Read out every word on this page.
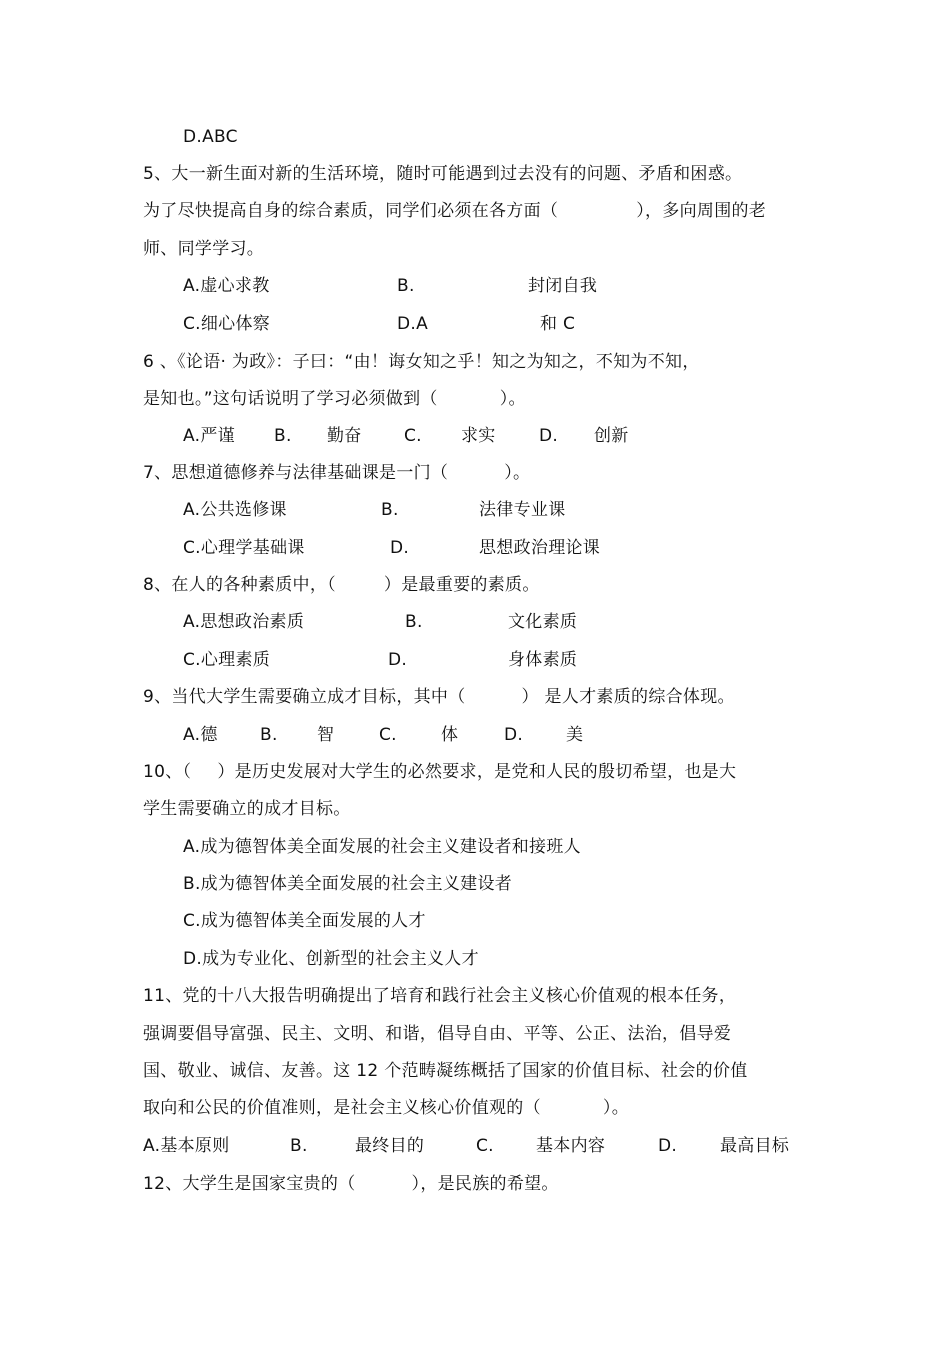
D.ABC
5、大一新生面对新的生活环境，随时可能遇到过去没有的问题、矛盾和困惑。
为了尽快提高自身的综合素质，同学们必须在各方面（	），多向周围的老
师、同学学习。
A.虚心求教	B.	封闭自我
C.细心体察	D.A	和 C
6 、《论语· 为政》：子曰：“由！诲女知之乎！知之为知之，不知为不知，
是知也。”这句话说明了学习必须做到（	）。
A.严谨 B. 勤奋 C. 求实	D. 创新
7、思想道德修养与法律基础课是一门（	）。
A.公共选修课	B.	法律专业课
C.心理学基础课	D.	思想政治理论课
8、在人的各种素质中，（	）是最重要的素质。
A.思想政治素质	B.	文化素质
C.心理素质	D.	身体素质
9、当代大学生需要确立成才目标，其中（	） 是人才素质的综合体现。
A.德 B. 智	C.	体	D.	美
10、（ ）是历史发展对大学生的必然要求，是党和人民的殷切希望，也是大
学生需要确立的成才目标。
A.成为德智体美全面发展的社会主义建设者和接班人
B.成为德智体美全面发展的社会主义建设者
C.成为德智体美全面发展的人才
D.成为专业化、创新型的社会主义人才
11、党的十八大报告明确提出了培育和践行社会主义核心价值观的根本任务，
强调要倡导富强、民主、文明、和谐，倡导自由、平等、公正、法治，倡导爱
国、敬业、诚信、友善。这 12 个范畴凝练概括了国家的价值目标、社会的价值
取向和公民的价值准则，是社会主义核心价值观的（	）。
A.基本原则	B.	最终目的	C. 基本内容	D.	最高目标
12、大学生是国家宝贵的（	），是民族的希望。
